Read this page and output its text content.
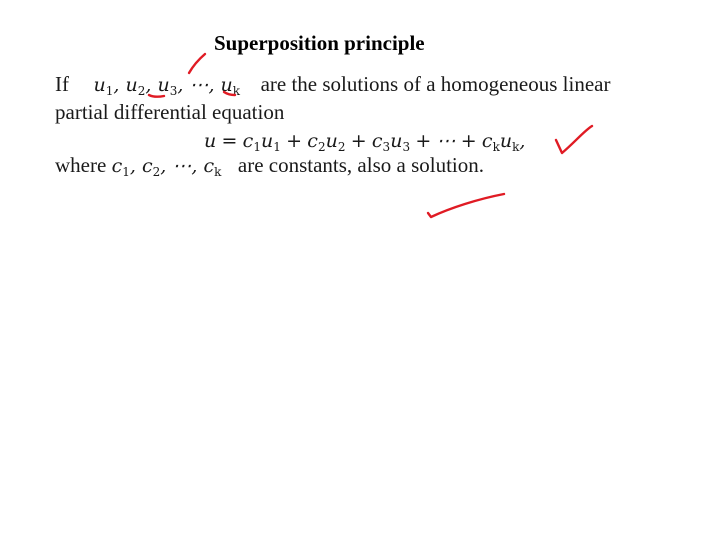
Superposition principle
If $u_1$, $u_2$, $u_3$, ⋯, $u_k$ are the solutions of a homogeneous linear
partial differential equation
$u = c_1u_1 + c_2u_2 + c_3u_3$ + ⋯ + $c_ku_k$,
where $c_1$, $c_2$, ⋯, $c_k$ are constants, also a solution.
